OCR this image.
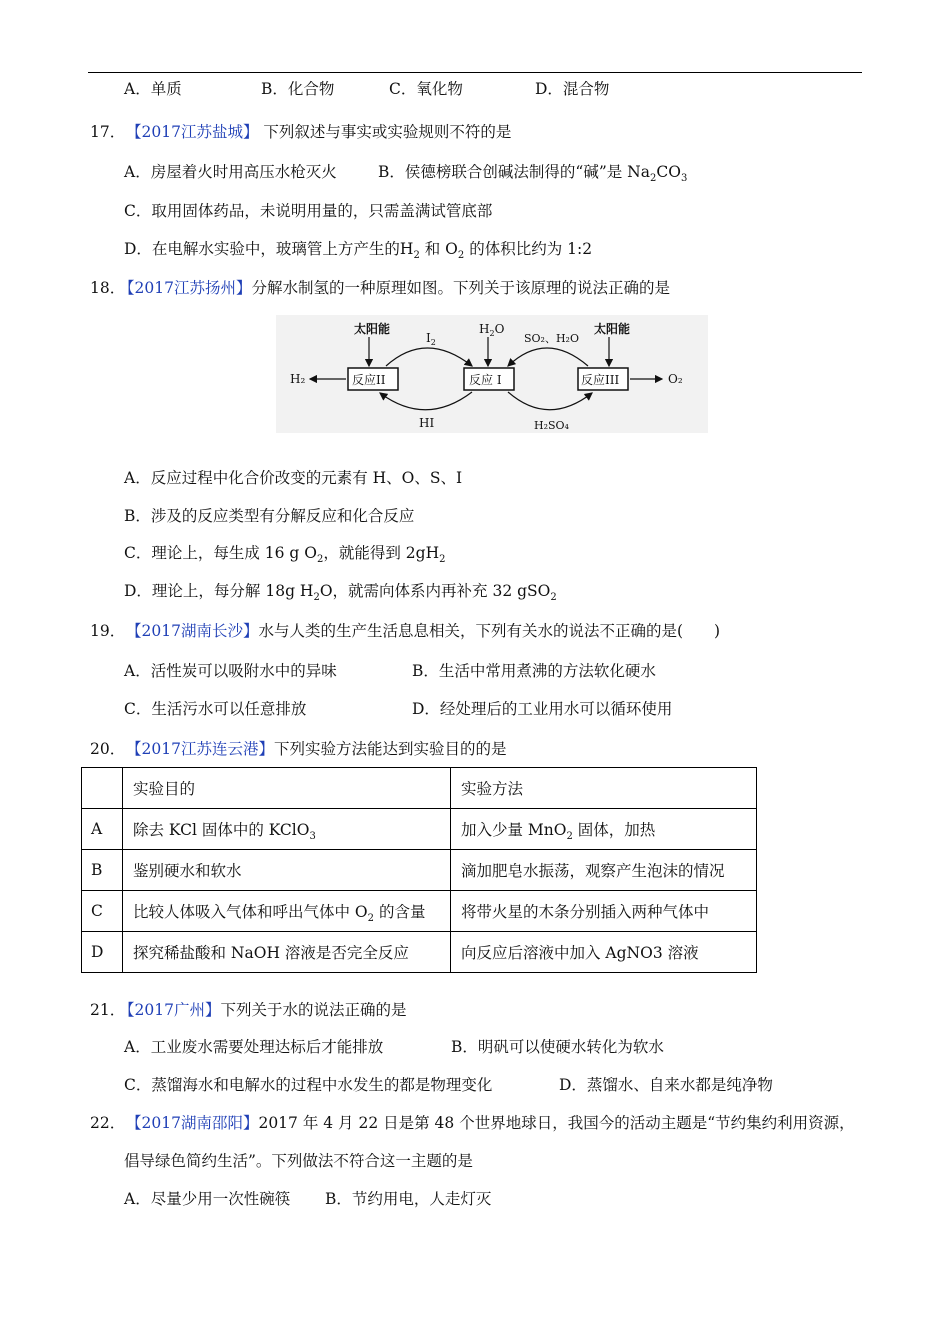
A．单质	B．化合物	C．氧化物	D．混合物
17．【2017江苏盐城】 下列叙述与事实或实验规则不符的是
A．房屋着火时用高压水枪灭火	B．侯德榜联合创碱法制得的“碱”是 $Na_2CO_3$
C．取用固体药品，未说明用量的，只需盖满试管底部
D．在电解水实验中，玻璃管上方产生的$H_2$ 和 $O_2$ 的体积比约为 1:2
18．【2017江苏扬州】分解水制氢的一种原理如图。下列关于该原理的说法正确的是
反应II	反应 I	反应III
太阳能	太阳能
$H_2O$
SO₂、H₂O
$I_2$
HI	H₂SO₄
H₂	O₂
A．反应过程中化合价改变的元素有 H、O、S、I
B．涉及的反应类型有分解反应和化合反应
C．理论上，每生成 16 g $O_2$，就能得到 $2gH_2$
D．理论上，每分解 18g $H_2O$，就需向体系内再补充 32 gSO$_2$
19．【2017湖南长沙】水与人类的生产生活息息相关，下列有关水的说法不正确的是(　　)
A．活性炭可以吸附水中的异味	B．生活中常用煮沸的方法软化硬水
C．生活污水可以任意排放	D．经处理后的工业用水可以循环使用
20．【2017江苏连云港】下列实验方法能达到实验目的的是
	实验目的	实验方法
A	除去 KCl 固体中的 KClO$_3$	加入少量 MnO$_2$ 固体，加热
B	鉴别硬水和软水	滴加肥皂水振荡，观察产生泡沫的情况
C	比较人体吸入气体和呼出气体中 $O_2$ 的含量	将带火星的木条分别插入两种气体中
D	探究稀盐酸和 NaOH 溶液是否完全反应	向反应后溶液中加入 AgNO3 溶液
21．【2017广州】下列关于水的说法正确的是
A．工业废水需要处理达标后才能排放	B．明矾可以使硬水转化为软水
C．蒸馏海水和电解水的过程中水发生的都是物理变化	D．蒸馏水、自来水都是纯净物
22．【2017湖南邵阳】2017 年 4 月 22 日是第 48 个世界地球日，我国今的活动主题是“节约集约利用资源，
倡导绿色简约生活”。下列做法不符合这一主题的是
A．尽量少用一次性碗筷 B．节约用电，人走灯灭
